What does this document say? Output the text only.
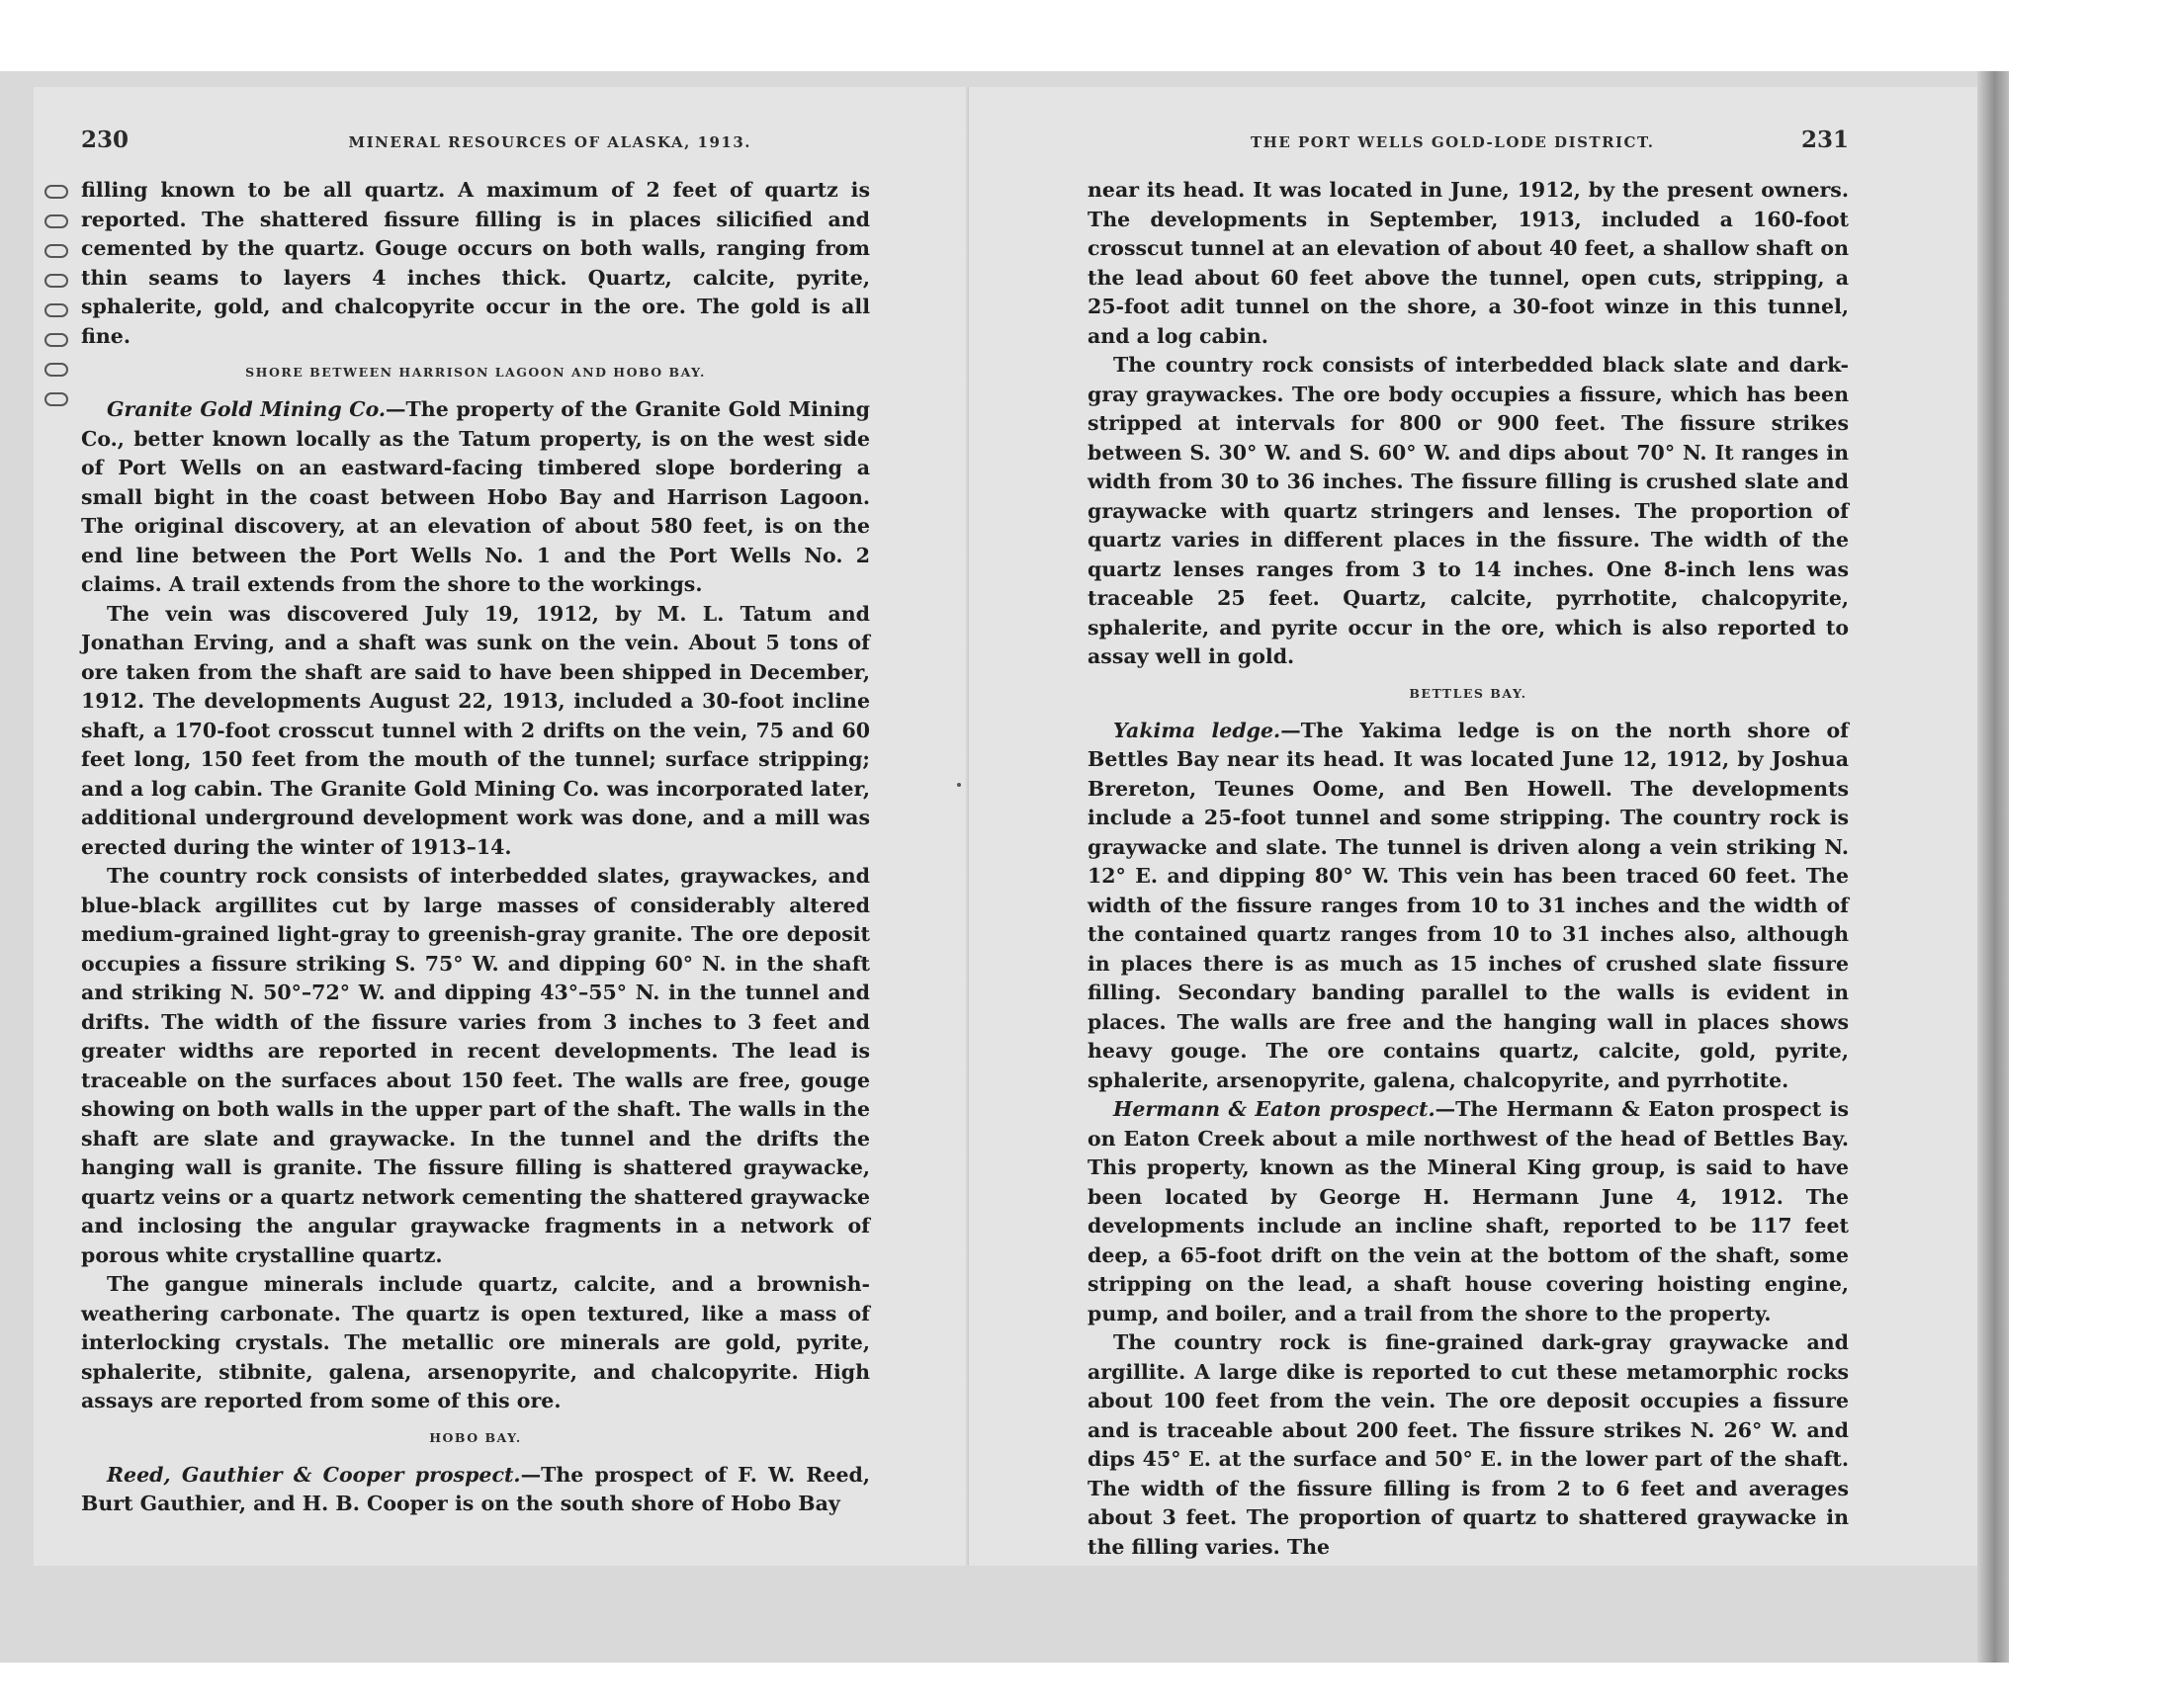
230	MINERAL RESOURCES OF ALASKA, 1913.

filling known to be all quartz. A maximum of 2 feet of quartz is reported. The shattered fissure filling is in places silicified and cemented by the quartz. Gouge occurs on both walls, ranging from thin seams to layers 4 inches thick. Quartz, calcite, pyrite, sphalerite, gold, and chalcopyrite occur in the ore. The gold is all fine.

SHORE BETWEEN HARRISON LAGOON AND HOBO BAY.

Granite Gold Mining Co.—The property of the Granite Gold Mining Co., better known locally as the Tatum property, is on the west side of Port Wells on an eastward-facing timbered slope bordering a small bight in the coast between Hobo Bay and Harrison Lagoon. The original discovery, at an elevation of about 580 feet, is on the end line between the Port Wells No. 1 and the Port Wells No. 2 claims. A trail extends from the shore to the workings.

The vein was discovered July 19, 1912, by M. L. Tatum and Jonathan Erving, and a shaft was sunk on the vein. About 5 tons of ore taken from the shaft are said to have been shipped in December, 1912. The developments August 22, 1913, included a 30-foot incline shaft, a 170-foot crosscut tunnel with 2 drifts on the vein, 75 and 60 feet long, 150 feet from the mouth of the tunnel; surface stripping; and a log cabin. The Granite Gold Mining Co. was incorporated later, additional underground development work was done, and a mill was erected during the winter of 1913–14.

The country rock consists of interbedded slates, graywackes, and blue-black argillites cut by large masses of considerably altered medium-grained light-gray to greenish-gray granite. The ore deposit occupies a fissure striking S. 75° W. and dipping 60° N. in the shaft and striking N. 50°–72° W. and dipping 43°–55° N. in the tunnel and drifts. The width of the fissure varies from 3 inches to 3 feet and greater widths are reported in recent developments. The lead is traceable on the surfaces about 150 feet. The walls are free, gouge showing on both walls in the upper part of the shaft. The walls in the shaft are slate and graywacke. In the tunnel and the drifts the hanging wall is granite. The fissure filling is shattered graywacke, quartz veins or a quartz network cementing the shattered graywacke and inclosing the angular graywacke fragments in a network of porous white crystalline quartz.

The gangue minerals include quartz, calcite, and a brownish-weathering carbonate. The quartz is open textured, like a mass of interlocking crystals. The metallic ore minerals are gold, pyrite, sphalerite, stibnite, galena, arsenopyrite, and chalcopyrite. High assays are reported from some of this ore.

HOBO BAY.

Reed, Gauthier & Cooper prospect.—The prospect of F. W. Reed, Burt Gauthier, and H. B. Cooper is on the south shore of Hobo Bay

THE PORT WELLS GOLD-LODE DISTRICT.	231

near its head. It was located in June, 1912, by the present owners. The developments in September, 1913, included a 160-foot crosscut tunnel at an elevation of about 40 feet, a shallow shaft on the lead about 60 feet above the tunnel, open cuts, stripping, a 25-foot adit tunnel on the shore, a 30-foot winze in this tunnel, and a log cabin.

The country rock consists of interbedded black slate and dark-gray graywackes. The ore body occupies a fissure, which has been stripped at intervals for 800 or 900 feet. The fissure strikes between S. 30° W. and S. 60° W. and dips about 70° N. It ranges in width from 30 to 36 inches. The fissure filling is crushed slate and graywacke with quartz stringers and lenses. The proportion of quartz varies in different places in the fissure. The width of the quartz lenses ranges from 3 to 14 inches. One 8-inch lens was traceable 25 feet. Quartz, calcite, pyrrhotite, chalcopyrite, sphalerite, and pyrite occur in the ore, which is also reported to assay well in gold.

BETTLES BAY.

Yakima ledge.—The Yakima ledge is on the north shore of Bettles Bay near its head. It was located June 12, 1912, by Joshua Brereton, Teunes Oome, and Ben Howell. The developments include a 25-foot tunnel and some stripping. The country rock is graywacke and slate. The tunnel is driven along a vein striking N. 12° E. and dipping 80° W. This vein has been traced 60 feet. The width of the fissure ranges from 10 to 31 inches and the width of the contained quartz ranges from 10 to 31 inches also, although in places there is as much as 15 inches of crushed slate fissure filling. Secondary banding parallel to the walls is evident in places. The walls are free and the hanging wall in places shows heavy gouge. The ore contains quartz, calcite, gold, pyrite, sphalerite, arsenopyrite, galena, chalcopyrite, and pyrrhotite.

Hermann & Eaton prospect.—The Hermann & Eaton prospect is on Eaton Creek about a mile northwest of the head of Bettles Bay. This property, known as the Mineral King group, is said to have been located by George H. Hermann June 4, 1912. The developments include an incline shaft, reported to be 117 feet deep, a 65-foot drift on the vein at the bottom of the shaft, some stripping on the lead, a shaft house covering hoisting engine, pump, and boiler, and a trail from the shore to the property.

The country rock is fine-grained dark-gray graywacke and argillite. A large dike is reported to cut these metamorphic rocks about 100 feet from the vein. The ore deposit occupies a fissure and is traceable about 200 feet. The fissure strikes N. 26° W. and dips 45° E. at the surface and 50° E. in the lower part of the shaft. The width of the fissure filling is from 2 to 6 feet and averages about 3 feet. The proportion of quartz to shattered graywacke in the filling varies. The
